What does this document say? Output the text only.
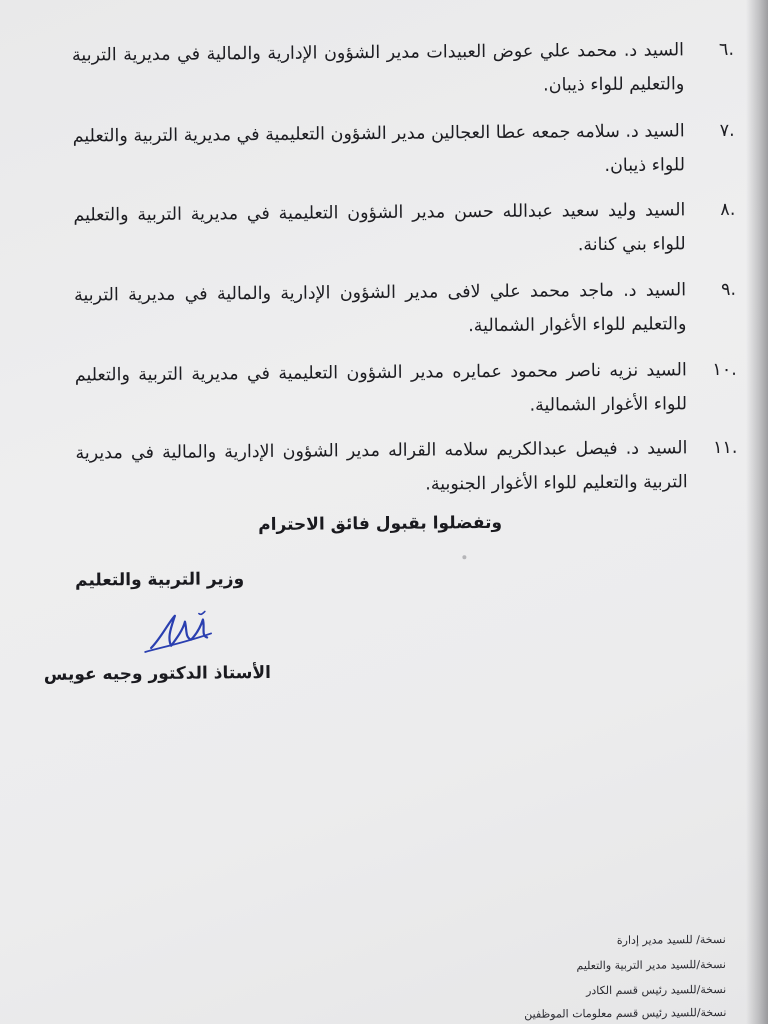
.٦
السيد د. محمد علي عوض العبيدات مدير الشؤون الإدارية والمالية في مديرية التربية والتعليم للواء ذيبان.
.٧
السيد د. سلامه جمعه عطا العجالين مدير الشؤون التعليمية في مديرية التربية والتعليم للواء ذيبان.
.٨
السيد وليد سعيد عبدالله حسن مدير الشؤون التعليمية في مديرية التربية والتعليم للواء بني كنانة.
.٩
السيد د. ماجد محمد علي لافى مدير الشؤون الإدارية والمالية في مديرية التربية والتعليم للواء الأغوار الشمالية.
.١٠
السيد نزيه ناصر محمود عمايره مدير الشؤون التعليمية في مديرية التربية والتعليم للواء الأغوار الشمالية.
.١١
السيد د. فيصل عبدالكريم سلامه القراله مدير الشؤون الإدارية والمالية في مديرية التربية والتعليم للواء الأغوار الجنوبية.
وتفضلوا بقبول فائق الاحترام
وزير التربية والتعليم
الأستاذ الدكتور وجيه عويس
نسخة/ للسيد مدير إدارة
نسخة/للسيد مدير التربية والتعليم
نسخة/للسيد رئيس قسم الكادر
نسخة/للسيد رئيس قسم معلومات الموظفين
